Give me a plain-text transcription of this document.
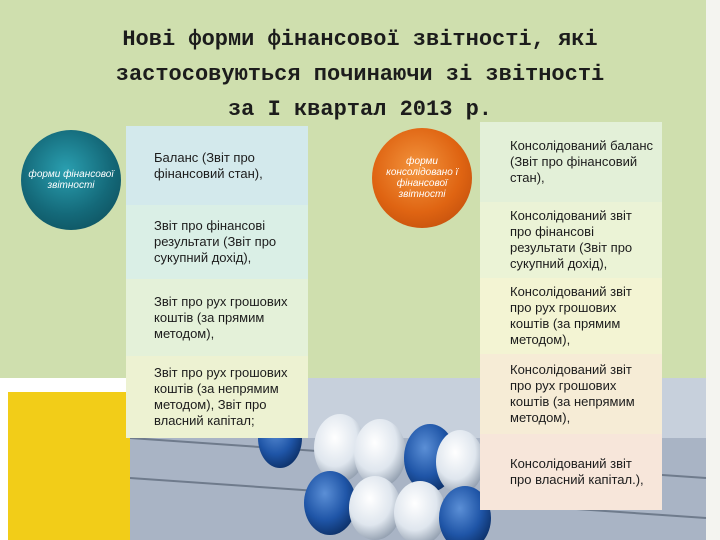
Нові форми фінансової звітності, які
застосовуються починаючи зі звітності
за І квартал 2013 р.
форми фінансової звітності
Баланс (Звіт про фінансовий стан),
Звіт про фінансові результати (Звіт про сукупний дохід),
Звіт про рух грошових коштів (за прямим методом),
Звіт про рух грошових коштів (за непрямим методом), Звіт про власний капітал;
форми консолідовано ї фінансової звітності
Консолідований баланс (Звіт про фінансовий стан),
Консолідований звіт про фінансові результати (Звіт про сукупний дохід),
Консолідований звіт про рух грошових коштів (за прямим методом),
Консолідований звіт про рух грошових коштів (за непрямим методом),
Консолідований звіт про власний капітал.),
